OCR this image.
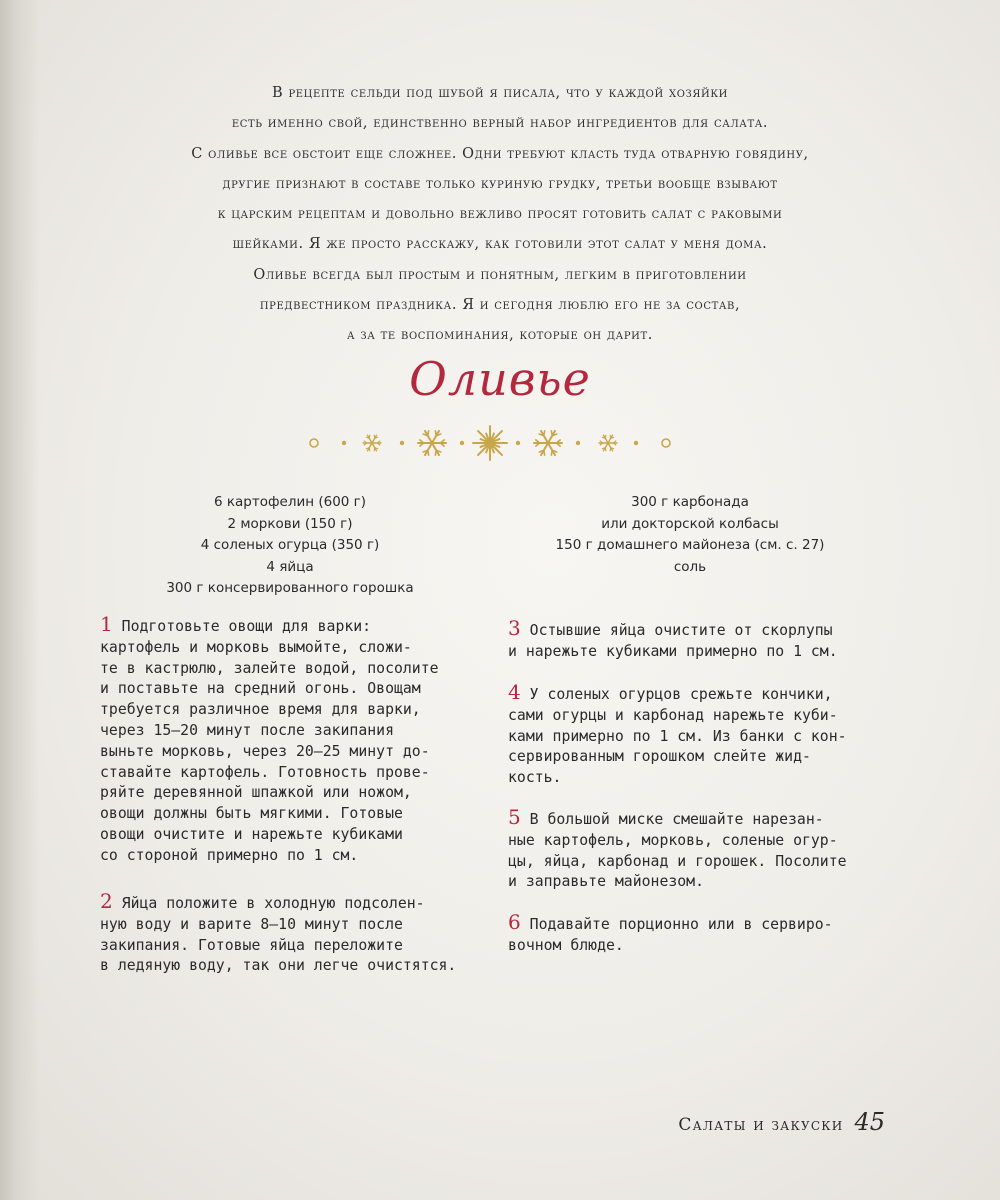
В рецепте сельди под шубой я писала, что у каждой хозяйки
есть именно свой, единственно верный набор ингредиентов для салата.
С оливье все обстоит еще сложнее. Одни требуют класть туда отварную говядину,
другие признают в составе только куриную грудку, третьи вообще взывают
к царским рецептам и довольно вежливо просят готовить салат с раковыми
шейками. Я же просто расскажу, как готовили этот салат у меня дома.
Оливье всегда был простым и понятным, легким в приготовлении
предвестником праздника. Я и сегодня люблю его не за состав,
а за те воспоминания, которые он дарит.
Оливье
6 картофелин (600 г)
2 моркови (150 г)
4 соленых огурца (350 г)
4 яйца
300 г консервированного горошка
300 г карбонада
или докторской колбасы
150 г домашнего майонеза (см. с. 27)
соль
1 Подготовьте овощи для варки:
картофель и морковь вымойте, сложи-
те в кастрюлю, залейте водой, посолите
и поставьте на средний огонь. Овощам
требуется различное время для варки,
через 15–20 минут после закипания
выньте морковь, через 20–25 минут до-
ставайте картофель. Готовность прове-
ряйте деревянной шпажкой или ножом,
овощи должны быть мягкими. Готовые
овощи очистите и нарежьте кубиками
со стороной примерно по 1 см.
2 Яйца положите в холодную подсолен-
ную воду и варите 8–10 минут после
закипания. Готовые яйца переложите
в ледяную воду, так они легче очистятся.
3 Остывшие яйца очистите от скорлупы
и нарежьте кубиками примерно по 1 см.
4 У соленых огурцов срежьте кончики,
сами огурцы и карбонад нарежьте куби-
ками примерно по 1 см. Из банки с кон-
сервированным горошком слейте жид-
кость.
5 В большой миске смешайте нарезан-
ные картофель, морковь, соленые огур-
цы, яйца, карбонад и горошек. Посолите
и заправьте майонезом.
6 Подавайте порционно или в сервиро-
вочном блюде.
Салаты и закуски 45
